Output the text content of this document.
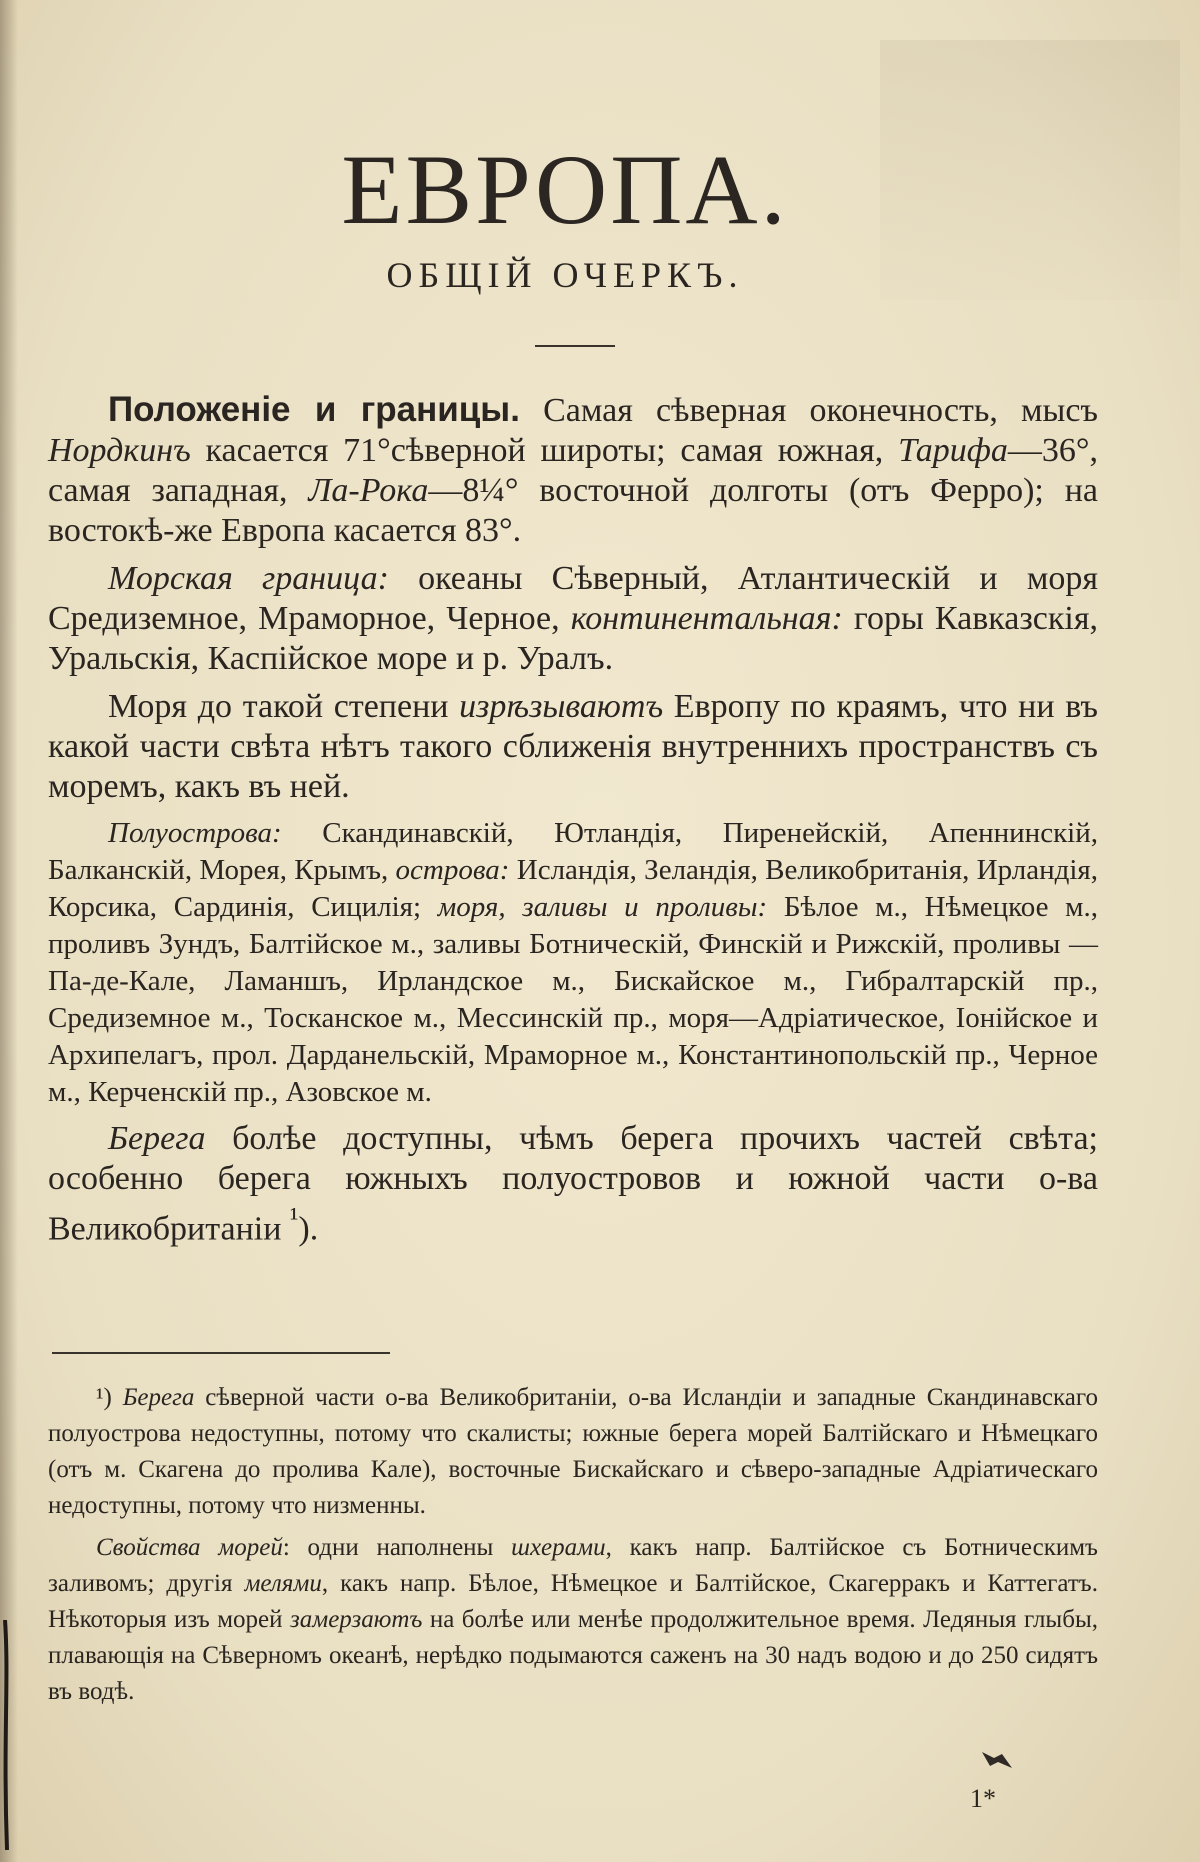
ЕВРОПА.
ОБЩІЙ ОЧЕРКЪ.

Положеніе и границы. Самая сѣверная оконечность, мысъ Нордкинъ касается 71°сѣверной широты; самая южная, Тарифа—36°, самая западная, Ла-Рока—8¼° восточной долготы (отъ Ферро); на востокѣ-же Европа касается 83°.

Морская граница: океаны Сѣверный, Атлантическій и моря Средиземное, Мраморное, Черное, континентальная: горы Кавказскія, Уральскія, Каспійское море и р. Уралъ.

Моря до такой степени изрѣзываютъ Европу по краямъ, что ни въ какой части свѣта нѣтъ такого сближенія внутреннихъ пространствъ съ моремъ, какъ въ ней.

Полуострова: Скандинавскій, Ютландія, Пиренейскій, Апеннинскій, Балканскій, Морея, Крымъ, острова: Исландія, Зеландія, Великобританія, Ирландія, Корсика, Сардинія, Сицилія; моря, заливы и проливы: Бѣлое м., Нѣмецкое м., проливъ Зундъ, Балтійское м., заливы Ботническій, Финскій и Рижскій, проливы — Па-де-Кале, Ламаншъ, Ирландское м., Бискайское м., Гибралтарскій пр., Средиземное м., Тосканское м., Мессинскій пр., моря—Адріатическое, Іонійское и Архипелагъ, прол. Дарданельскій, Мраморное м., Константинопольскій пр., Черное м., Керченскій пр., Азовское м.

Берега болѣе доступны, чѣмъ берега прочихъ частей свѣта; особенно берега южныхъ полуостровов и южной части о-ва Великобританіи $^{^1}$).

¹) Берега сѣверной части о-ва Великобританіи, о-ва Исландіи и западные Скандинавскаго полуострова недоступны, потому что скалисты; южные берега морей Балтійскаго и Нѣмецкаго (отъ м. Скагена до пролива Кале), восточные Бискайскаго и сѣверо-западные Адріатическаго недоступны, потому что низменны.

Свойства морей: одни наполнены шхерами, какъ напр. Балтійское съ Ботническимъ заливомъ; другія мелями, какъ напр. Бѣлое, Нѣмецкое и Балтійское, Скагерракъ и Каттегатъ. Нѣкоторыя изъ морей замерзаютъ на болѣе или менѣе продолжительное время. Ледяныя глыбы, плавающія на Сѣверномъ океанѣ, нерѣдко подымаются саженъ на 30 надъ водою и до 250 сидятъ въ водѣ.

1*
